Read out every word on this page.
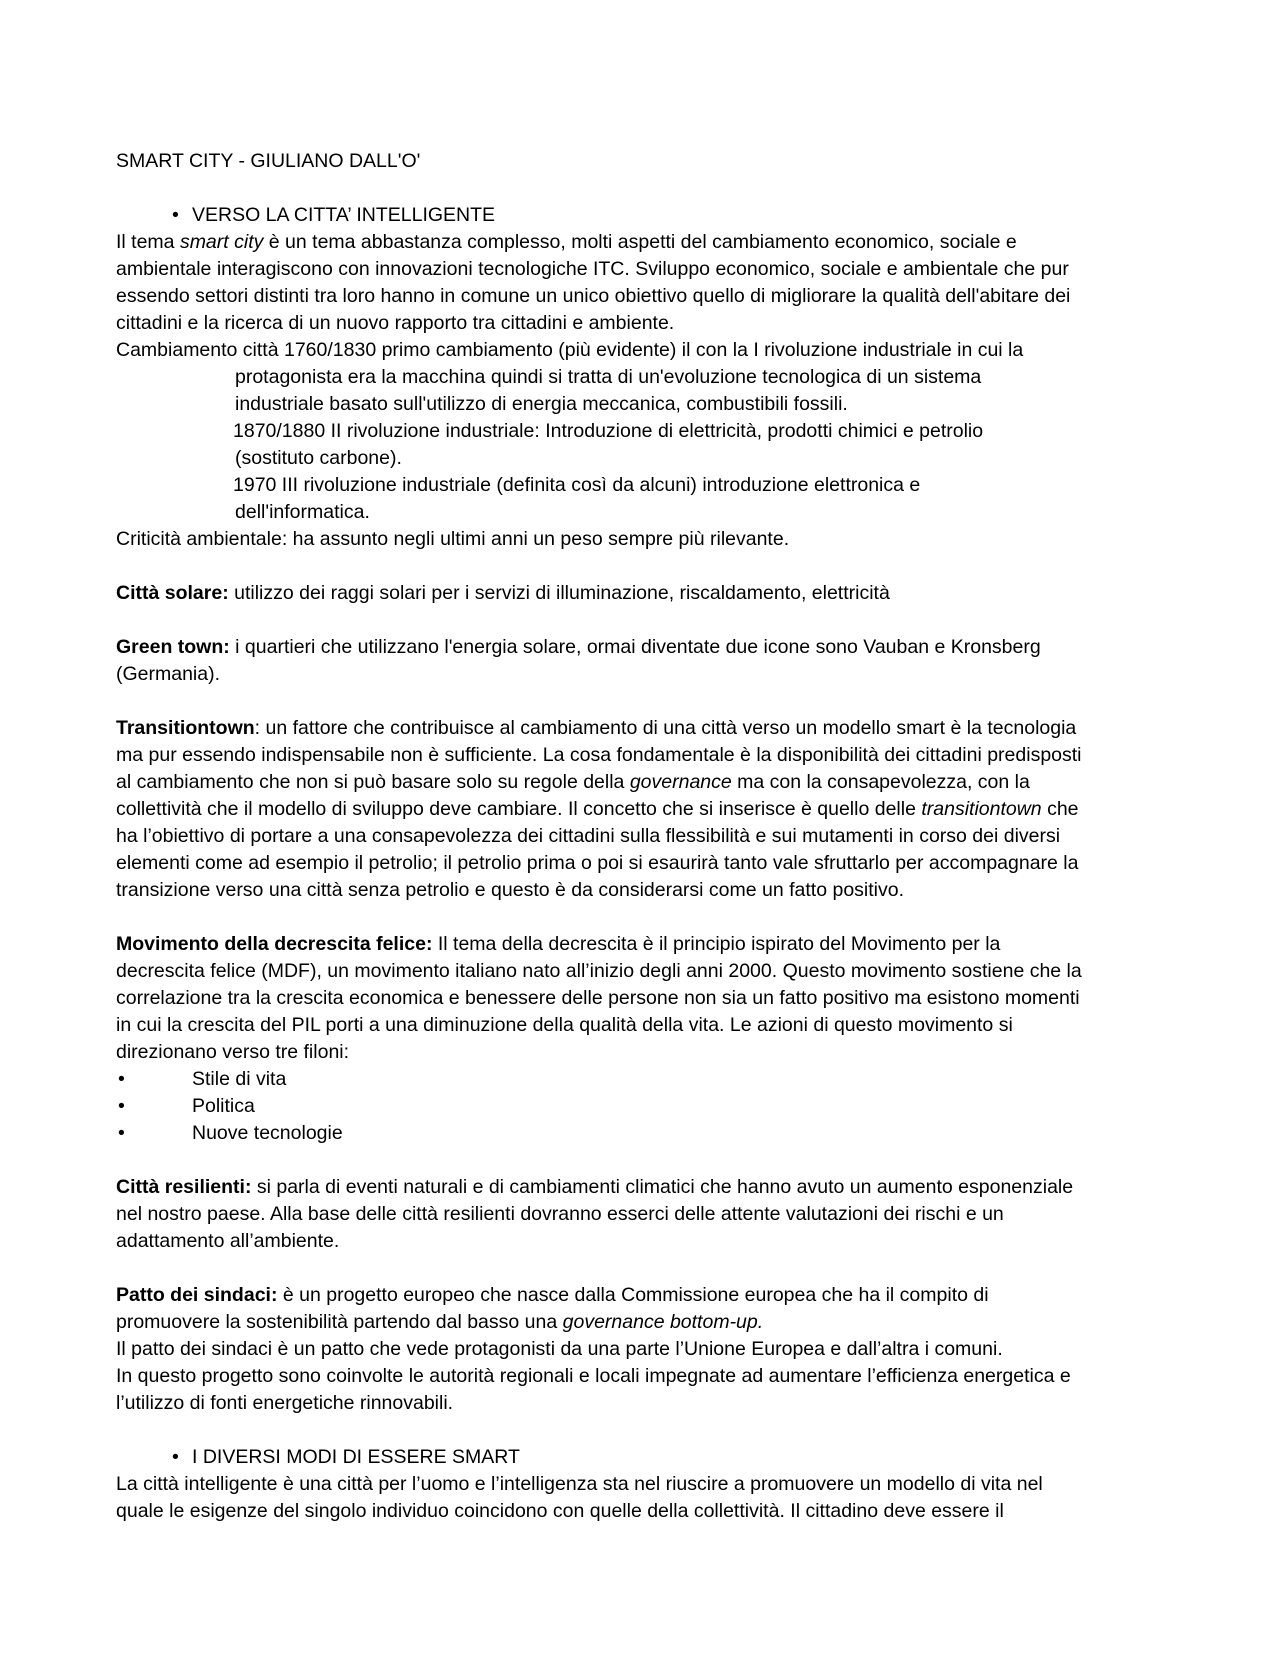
SMART CITY - GIULIANO DALL'O'
• VERSO LA CITTA’ INTELLIGENTE
Il tema smart city è un tema abbastanza complesso, molti aspetti del cambiamento economico, sociale e
ambientale interagiscono con innovazioni tecnologiche ITC. Sviluppo economico, sociale e ambientale che pur
essendo settori distinti tra loro hanno in comune un unico obiettivo quello di migliorare la qualità dell'abitare dei
cittadini e la ricerca di un nuovo rapporto tra cittadini e ambiente.
Cambiamento città 1760/1830 primo cambiamento (più evidente) il con la I rivoluzione industriale in cui la
protagonista era la macchina quindi si tratta di un'evoluzione tecnologica di un sistema
industriale basato sull'utilizzo di energia meccanica, combustibili fossili.
1870/1880 II rivoluzione industriale: Introduzione di elettricità, prodotti chimici e petrolio
(sostituto carbone).
1970 III rivoluzione industriale (definita così da alcuni) introduzione elettronica e
dell'informatica.
Criticità ambientale: ha assunto negli ultimi anni un peso sempre più rilevante.
Città solare: utilizzo dei raggi solari per i servizi di illuminazione, riscaldamento, elettricità
Green town: i quartieri che utilizzano l'energia solare, ormai diventate due icone sono Vauban e Kronsberg
(Germania).
Transitiontown: un fattore che contribuisce al cambiamento di una città verso un modello smart è la tecnologia
ma pur essendo indispensabile non è sufficiente. La cosa fondamentale è la disponibilità dei cittadini predisposti
al cambiamento che non si può basare solo su regole della governance ma con la consapevolezza, con la
collettività che il modello di sviluppo deve cambiare. Il concetto che si inserisce è quello delle transitiontown che
ha l’obiettivo di portare a una consapevolezza dei cittadini sulla flessibilità e sui mutamenti in corso dei diversi
elementi come ad esempio il petrolio; il petrolio prima o poi si esaurirà tanto vale sfruttarlo per accompagnare la
transizione verso una città senza petrolio e questo è da considerarsi come un fatto positivo.
Movimento della decrescita felice: Il tema della decrescita è il principio ispirato del Movimento per la
decrescita felice (MDF), un movimento italiano nato all’inizio degli anni 2000. Questo movimento sostiene che la
correlazione tra la crescita economica e benessere delle persone non sia un fatto positivo ma esistono momenti
in cui la crescita del PIL porti a una diminuzione della qualità della vita. Le azioni di questo movimento si
direzionano verso tre filoni:
•	Stile di vita
•	Politica
•	Nuove tecnologie
Città resilienti: si parla di eventi naturali e di cambiamenti climatici che hanno avuto un aumento esponenziale
nel nostro paese. Alla base delle città resilienti dovranno esserci delle attente valutazioni dei rischi e un
adattamento all’ambiente.
Patto dei sindaci: è un progetto europeo che nasce dalla Commissione europea che ha il compito di
promuovere la sostenibilità partendo dal basso una governance bottom-up.
Il patto dei sindaci è un patto che vede protagonisti da una parte l’Unione Europea e dall’altra i comuni.
In questo progetto sono coinvolte le autorità regionali e locali impegnate ad aumentare l’efficienza energetica e
l’utilizzo di fonti energetiche rinnovabili.
• I DIVERSI MODI DI ESSERE SMART
La città intelligente è una città per l’uomo e l’intelligenza sta nel riuscire a promuovere un modello di vita nel
quale le esigenze del singolo individuo coincidono con quelle della collettività. Il cittadino deve essere il
